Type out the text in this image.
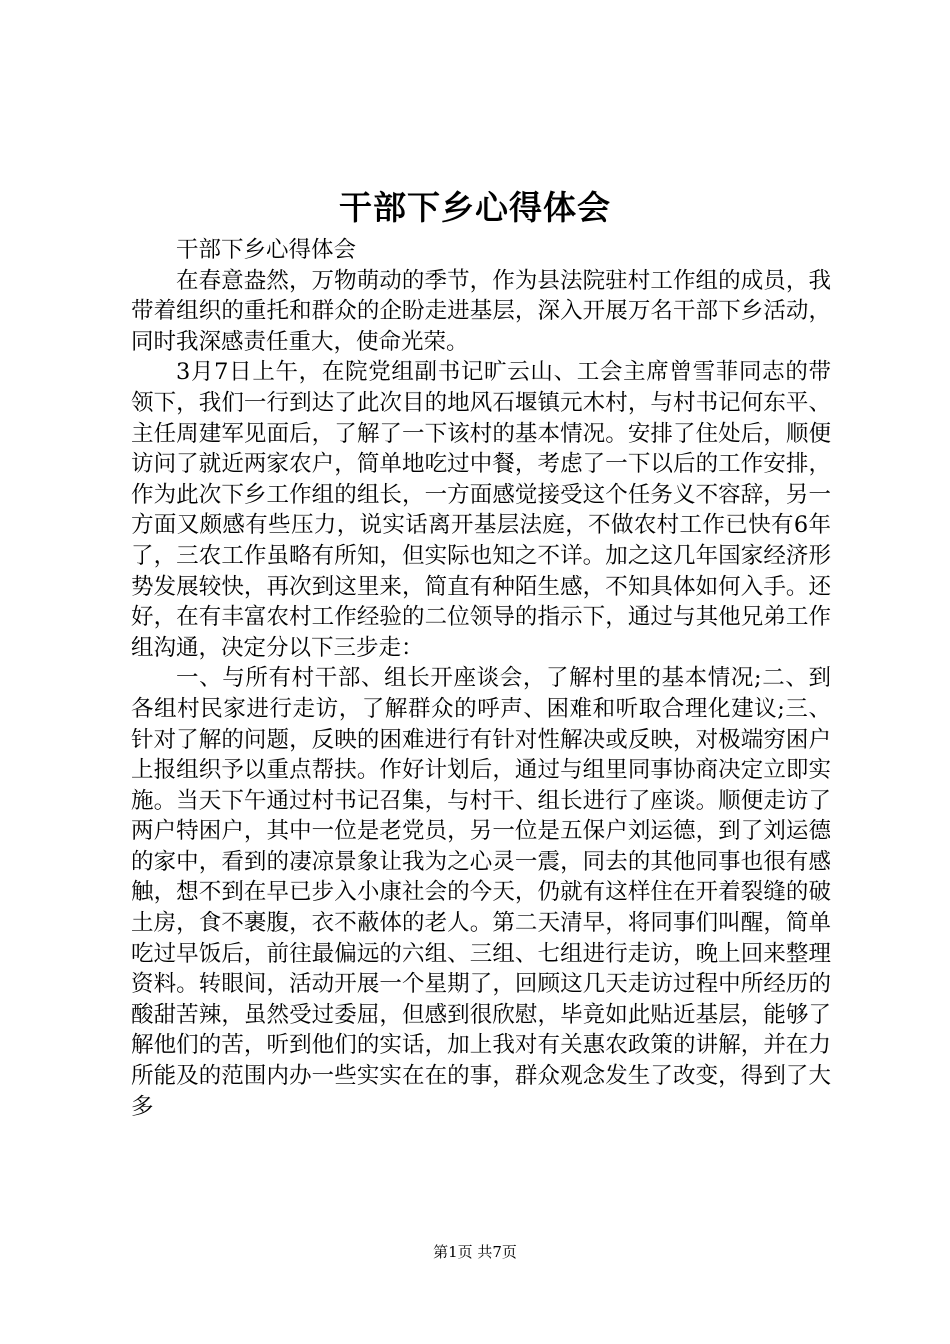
干部下乡心得体会

干部下乡心得体会

在春意盎然，万物萌动的季节，作为县法院驻村工作组的成员，我带着组织的重托和群众的企盼走进基层，深入开展万名干部下乡活动，同时我深感责任重大，使命光荣。

3月7日上午，在院党组副书记旷云山、工会主席曾雪菲同志的带领下，我们一行到达了此次目的地风石堰镇元木村，与村书记何东平、主任周建军见面后，了解了一下该村的基本情况。安排了住处后，顺便访问了就近两家农户，简单地吃过中餐，考虑了一下以后的工作安排，作为此次下乡工作组的组长，一方面感觉接受这个任务义不容辞，另一方面又颇感有些压力，说实话离开基层法庭，不做农村工作已快有6年了，三农工作虽略有所知，但实际也知之不详。加之这几年国家经济形势发展较快，再次到这里来，简直有种陌生感，不知具体如何入手。还好，在有丰富农村工作经验的二位领导的指示下，通过与其他兄弟工作组沟通，决定分以下三步走：

一、与所有村干部、组长开座谈会，了解村里的基本情况;二、到各组村民家进行走访，了解群众的呼声、困难和听取合理化建议;三、针对了解的问题，反映的困难进行有针对性解决或反映，对极端穷困户上报组织予以重点帮扶。作好计划后，通过与组里同事协商决定立即实施。当天下午通过村书记召集，与村干、组长进行了座谈。顺便走访了两户特困户，其中一位是老党员，另一位是五保户刘运德，到了刘运德的家中，看到的凄凉景象让我为之心灵一震，同去的其他同事也很有感触，想不到在早已步入小康社会的今天，仍就有这样住在开着裂缝的破土房，食不裹腹，衣不蔽体的老人。第二天清早，将同事们叫醒，简单吃过早饭后，前往最偏远的六组、三组、七组进行走访，晚上回来整理资料。转眼间，活动开展一个星期了，回顾这几天走访过程中所经历的酸甜苦辣，虽然受过委屈，但感到很欣慰，毕竟如此贴近基层，能够了解他们的苦，听到他们的实话，加上我对有关惠农政策的讲解，并在力所能及的范围内办一些实实在在的事，群众观念发生了改变，得到了大多

第1页 共7页
